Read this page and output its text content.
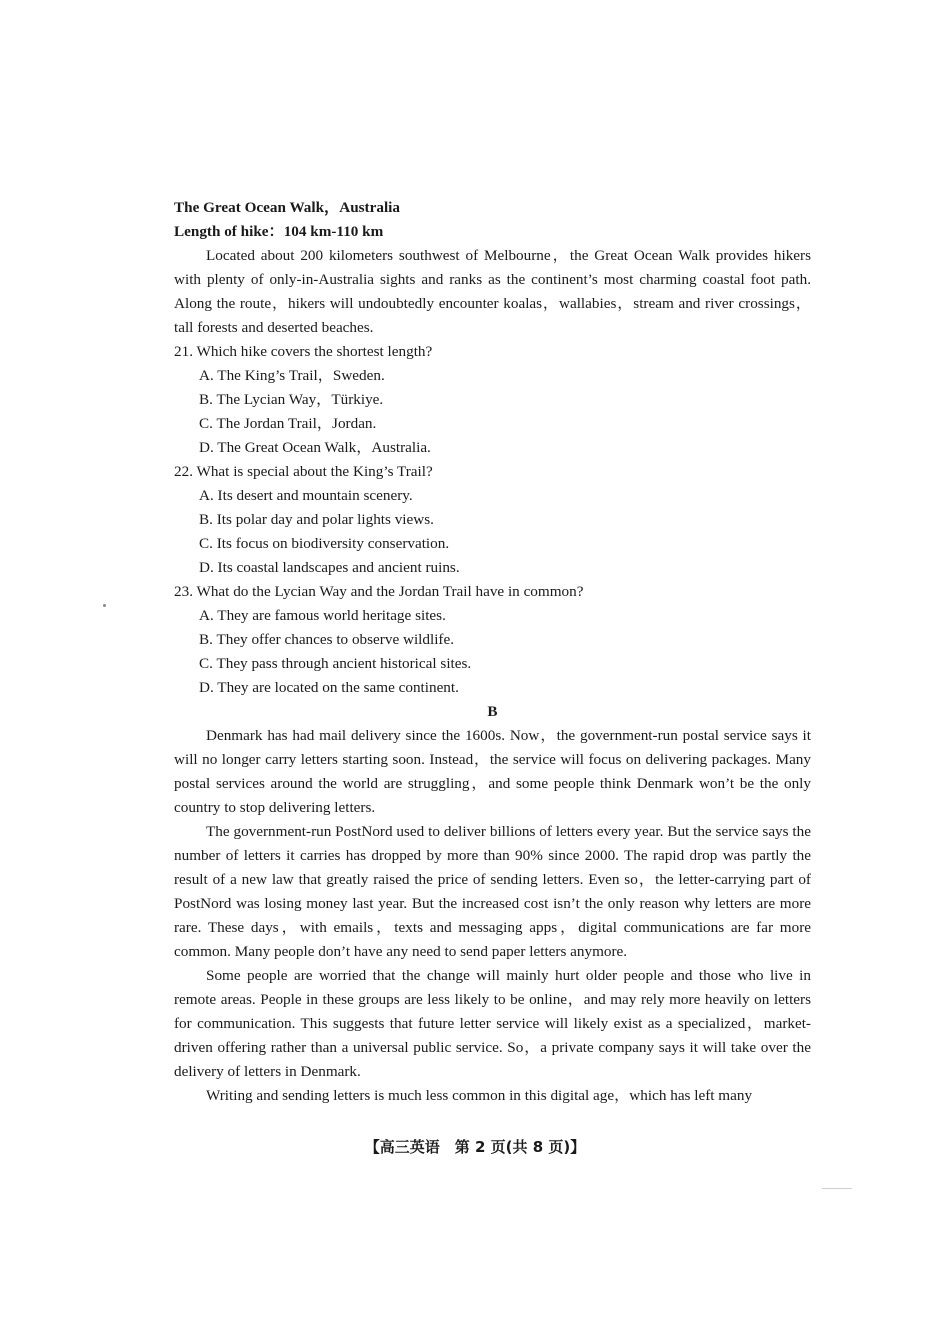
The Great Ocean Walk，Australia
Length of hike：104 km-110 km

Located about 200 kilometers southwest of Melbourne，the Great Ocean Walk provides hikers with plenty of only-in-Australia sights and ranks as the continent’s most charming coastal foot path. Along the route，hikers will undoubtedly encounter koalas，wallabies，stream and river crossings，tall forests and deserted beaches.

21. Which hike covers the shortest length?

A. The King’s Trail，Sweden.

B. The Lycian Way，Türkiye.

C. The Jordan Trail，Jordan.

D. The Great Ocean Walk，Australia.

22. What is special about the King’s Trail?

A. Its desert and mountain scenery.

B. Its polar day and polar lights views.

C. Its focus on biodiversity conservation.

D. Its coastal landscapes and ancient ruins.

23. What do the Lycian Way and the Jordan Trail have in common?

A. They are famous world heritage sites.

B. They offer chances to observe wildlife.

C. They pass through ancient historical sites.

D. They are located on the same continent.

B

Denmark has had mail delivery since the 1600s. Now，the government-run postal service says it will no longer carry letters starting soon. Instead，the service will focus on delivering packages. Many postal services around the world are struggling，and some people think Denmark won’t be the only country to stop delivering letters.

The government-run PostNord used to deliver billions of letters every year. But the service says the number of letters it carries has dropped by more than 90% since 2000. The rapid drop was partly the result of a new law that greatly raised the price of sending letters. Even so，the letter-carrying part of PostNord was losing money last year. But the increased cost isn’t the only reason why letters are more rare. These days，with emails，texts and messaging apps，digital communications are far more common. Many people don’t have any need to send paper letters anymore.

Some people are worried that the change will mainly hurt older people and those who live in remote areas. People in these groups are less likely to be online，and may rely more heavily on letters for communication. This suggests that future letter service will likely exist as a specialized，market-driven offering rather than a universal public service. So，a private company says it will take over the delivery of letters in Denmark.

Writing and sending letters is much less common in this digital age，which has left many

【高三英语　第 2 页(共 8 页)】
